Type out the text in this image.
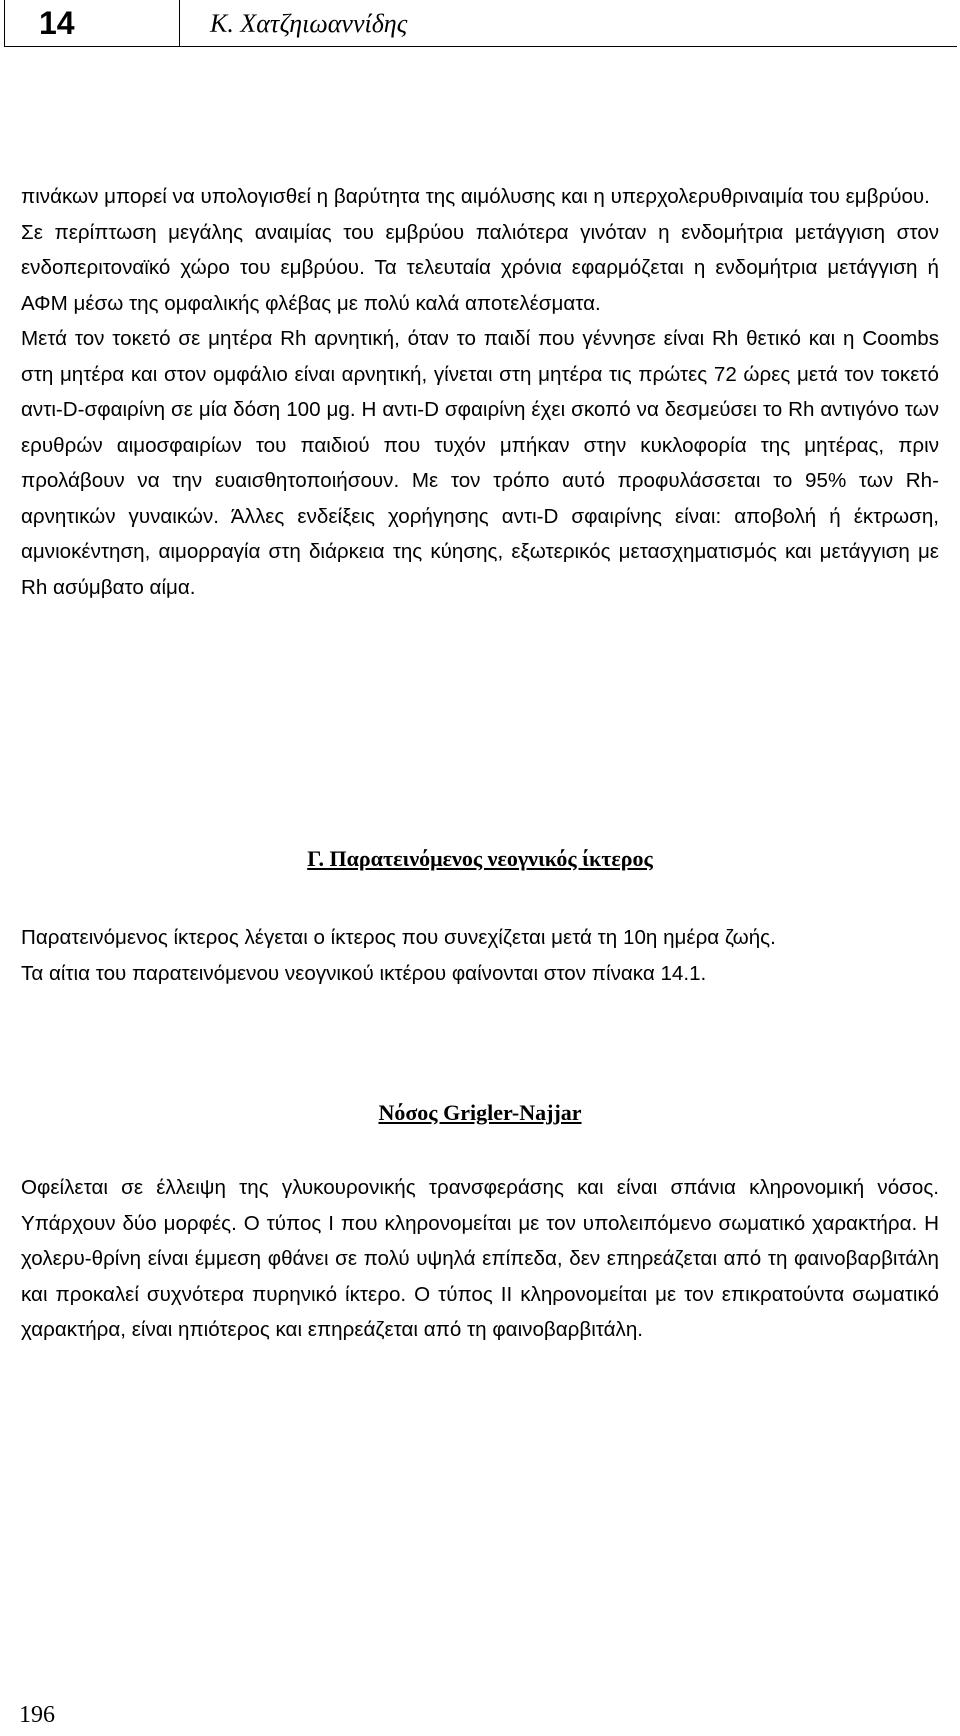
14	Κ. Χατζηιωαννίδης

πινάκων μπορεί να υπολογισθεί η βαρύτητα της αιμόλυσης και η υπερχολερυθριναιμία του εμβρύου.

Σε περίπτωση μεγάλης αναιμίας του εμβρύου παλιότερα γινόταν η ενδομήτρια μετάγγιση στον ενδοπεριτοναϊκό χώρο του εμβρύου. Τα τελευταία χρόνια εφαρμόζεται η ενδομήτρια μετάγγιση ή ΑΦΜ μέσω της ομφαλικής φλέβας με πολύ καλά αποτελέσματα.

Μετά τον τοκετό σε μητέρα Rh αρνητική, όταν το παιδί που γέννησε είναι Rh θετικό και η Coombs στη μητέρα και στον ομφάλιο είναι αρνητική, γίνεται στη μητέρα τις πρώτες 72 ώρες μετά τον τοκετό αντι-D-σφαιρίνη σε μία δόση 100 μg. Η αντι-D σφαιρίνη έχει σκοπό να δεσμεύσει το Rh αντιγόνο των ερυθρών αιμοσφαιρίων του παιδιού που τυχόν μπήκαν στην κυκλοφορία της μητέρας, πριν προλάβουν να την ευαισθητοποιήσουν. Με τον τρόπο αυτό προφυλάσσεται το 95% των Rh- αρνητικών γυναικών. Άλλες ενδείξεις χορήγησης αντι-D σφαιρίνης είναι: αποβολή ή έκτρωση, αμνιοκέντηση, αιμορραγία στη διάρκεια της κύησης, εξωτερικός μετασχηματισμός και μετάγγιση με Rh ασύμβατο αίμα.

Γ. Παρατεινόμενος νεογνικός ίκτερος

Παρατεινόμενος ίκτερος λέγεται ο ίκτερος που συνεχίζεται μετά τη 10η ημέρα ζωής.

Τα αίτια του παρατεινόμενου νεογνικού ικτέρου φαίνονται στον πίνακα 14.1.

Νόσος Grigler-Najjar

Οφείλεται σε έλλειψη της γλυκουρονικής τρανσφεράσης και είναι σπάνια κληρονομική νόσος. Υπάρχουν δύο μορφές. Ο τύπος Ι που κληρονομείται με τον υπολειπόμενο σωματικό χαρακτήρα. Η χολερυ-θρίνη είναι έμμεση φθάνει σε πολύ υψηλά επίπεδα, δεν επηρεάζεται από τη φαινοβαρβιτάλη και προκαλεί συχνότερα πυρηνικό ίκτερο. Ο τύπος ΙΙ κληρονομείται με τον επικρατούντα σωματικό χαρακτήρα, είναι ηπιότερος και επηρεάζεται από τη φαινοβαρβιτάλη.

196
